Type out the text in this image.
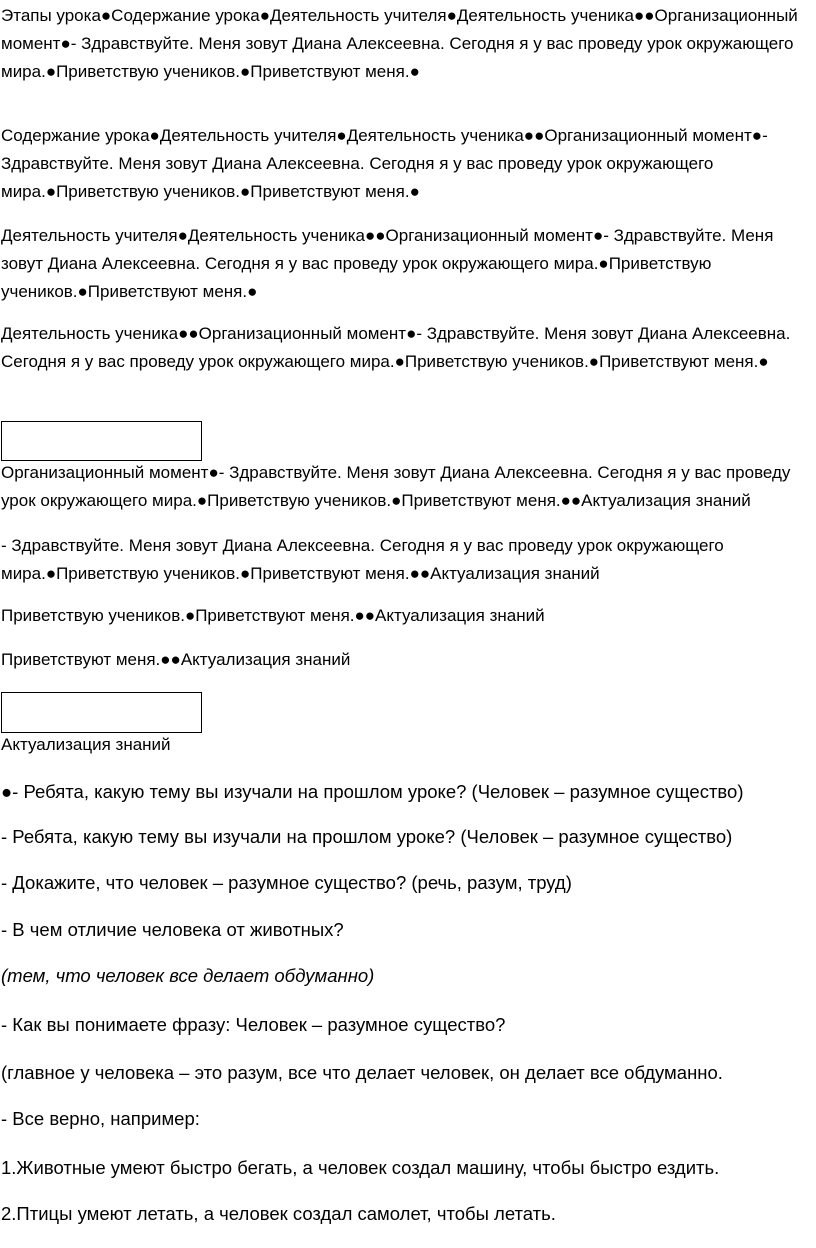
Этапы урока●Содержание урока●Деятельность учителя●Деятельность ученика●●Организационный момент●- Здравствуйте. Меня зовут Диана Алексеевна. Сегодня я у вас проведу урок окружающего мира.●Приветствую учеников.●Приветствуют меня.●

Содержание урока●Деятельность учителя●Деятельность ученика●●Организационный момент●- Здравствуйте. Меня зовут Диана Алексеевна. Сегодня я у вас проведу урок окружающего мира.●Приветствую учеников.●Приветствуют меня.●

Деятельность учителя●Деятельность ученика●●Организационный момент●- Здравствуйте. Меня зовут Диана Алексеевна. Сегодня я у вас проведу урок окружающего мира.●Приветствую учеников.●Приветствуют меня.●

Деятельность ученика●●Организационный момент●- Здравствуйте. Меня зовут Диана Алексеевна. Сегодня я у вас проведу урок окружающего мира.●Приветствую учеников.●Приветствуют меня.●

Организационный момент●- Здравствуйте. Меня зовут Диана Алексеевна. Сегодня я у вас проведу урок окружающего мира.●Приветствую учеников.●Приветствуют меня.●●Актуализация знаний

- Здравствуйте. Меня зовут Диана Алексеевна. Сегодня я у вас проведу урок окружающего мира.●Приветствую учеников.●Приветствуют меня.●●Актуализация знаний

Приветствую учеников.●Приветствуют меня.●●Актуализация знаний

Приветствуют меня.●●Актуализация знаний

Актуализация знаний

●- Ребята, какую тему вы изучали на прошлом уроке? (Человек – разумное существо)

- Ребята, какую тему вы изучали на прошлом уроке? (Человек – разумное существо)

- Докажите, что человек – разумное существо? (речь, разум, труд)

- В чем отличие человека от животных?

(тем, что человек все делает обдуманно)

- Как вы понимаете фразу: Человек – разумное существо?

(главное у человека – это разум, все что делает человек, он делает все обдуманно.

- Все верно, например:

1.Животные умеют быстро бегать, а человек создал машину, чтобы быстро ездить.

2.Птицы умеют летать, а человек создал самолет, чтобы летать.
